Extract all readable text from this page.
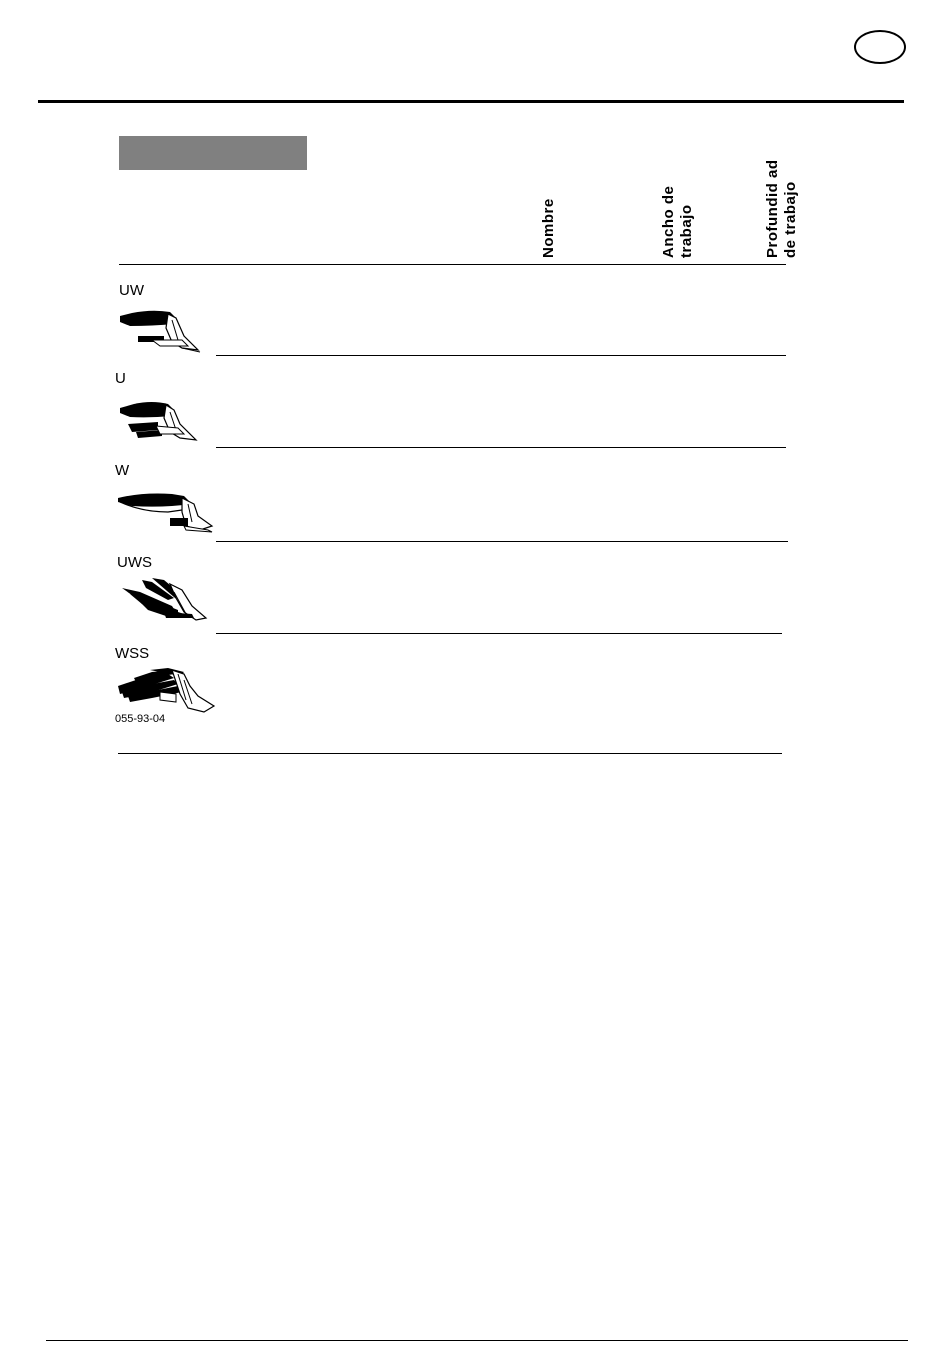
Nombre	Ancho de trabajo	Profundid ad de trabajo
UW
U
W
UWS
WSS
055-93-04
